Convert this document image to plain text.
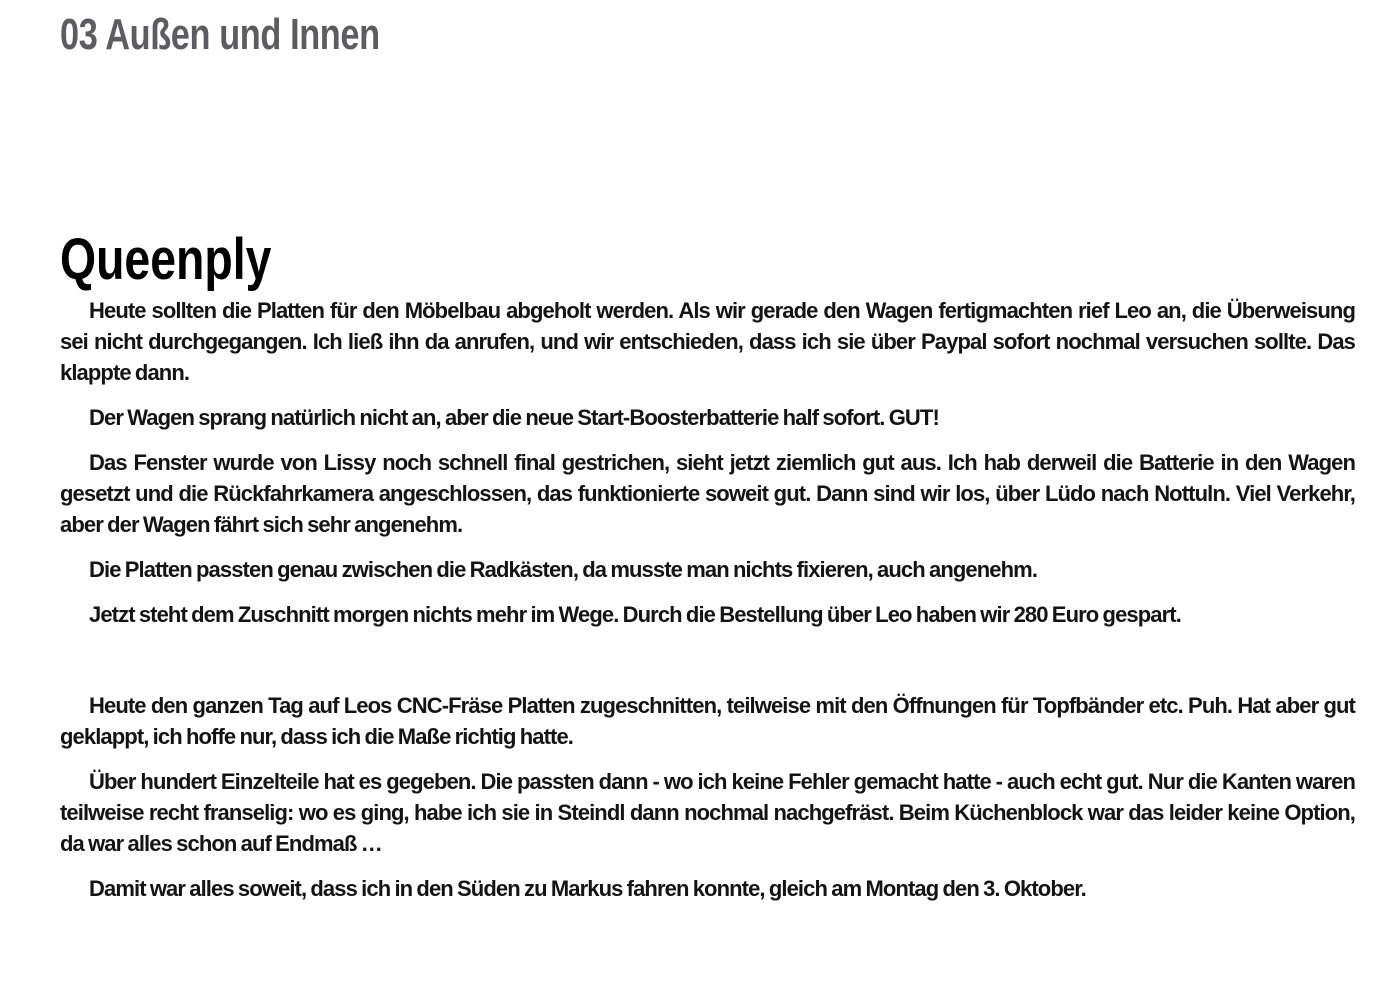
03 Außen und Innen
Queenply

Heute sollten die Platten für den Möbelbau abgeholt werden. Als wir gerade den Wagen fertigmachten rief Leo an, die Überweisung sei nicht durchgegangen. Ich ließ ihn da anrufen, und wir entschieden, dass ich sie über Paypal sofort nochmal versuchen sollte. Das klappte dann.

Der Wagen sprang natürlich nicht an, aber die neue Start-Boosterbatterie half sofort. GUT!

Das Fenster wurde von Lissy noch schnell final gestrichen, sieht jetzt ziemlich gut aus. Ich hab derweil die Batterie in den Wagen gesetzt und die Rückfahrkamera angeschlossen, das funktionierte soweit gut. Dann sind wir los, über Lüdo nach Nottuln. Viel Verkehr, aber der Wagen fährt sich sehr angenehm.

Die Platten passten genau zwischen die Radkästen, da musste man nichts fixieren, auch angenehm.

Jetzt steht dem Zuschnitt morgen nichts mehr im Wege. Durch die Bestellung über Leo haben wir 280 Euro gespart.

Heute den ganzen Tag auf Leos CNC-Fräse Platten zugeschnitten, teilweise mit den Öffnungen für Topfbänder etc. Puh. Hat aber gut geklappt, ich hoffe nur, dass ich die Maße richtig hatte.

Über hundert Einzelteile hat es gegeben. Die passten dann - wo ich keine Fehler gemacht hatte - auch echt gut. Nur die Kanten waren teilweise recht franselig: wo es ging, habe ich sie in Steindl dann nochmal nachgefräst. Beim Küchenblock war das leider keine Option, da war alles schon auf Endmaß …

Damit war alles soweit, dass ich in den Süden zu Markus fahren konnte, gleich am Montag den 3. Oktober.
